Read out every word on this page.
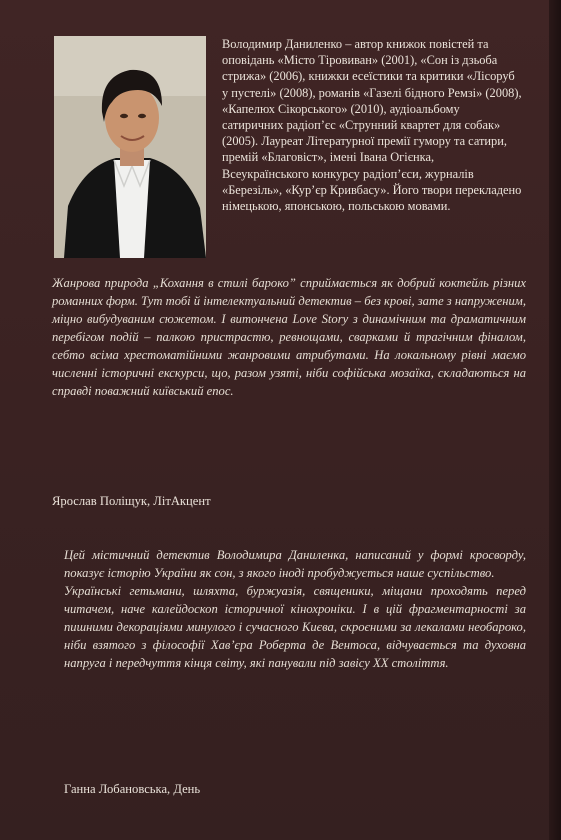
Володимир Даниленко – автор книжок повістей та оповідань «Місто Тіровиван» (2001), «Сон із дзьоба стрижа» (2006), книжки есеїстики та критики «Лісоруб у пустелі» (2008), романів «Газелі бідного Ремзі» (2008), «Капелюх Сікорського» (2010), аудіоальбому сатиричних радіоп’єс «Струнний квартет для собак» (2005). Лауреат Літературної премії гумору та сатири, премій «Благовіст», імені Івана Огієнка, Всеукраїнського конкурсу радіоп’єси, журналів «Березіль», «Кур’єр Кривбасу». Його твори перекладено німецькою, японською, польською мовами.

Жанрова природа „Кохання в стилі бароко” сприймається як добрий коктейль різних романних форм. Тут тобі й інтелектуальний детектив – без крові, зате з напруженим, міцно вибудуваним сюжетом. І витончена Love Story з динамічним та драматичним перебігом подій – палкою пристрастю, ревнощами, сварками й трагічним фіналом, себто всіма хрестоматійними жанровими атрибутами. На локальному рівні маємо численні історичні екскурси, що, разом узяті, ніби софійська мозаїка, складаються на справді поважний київський епос.

Ярослав Поліщук, ЛітАкцент

Цей містичний детектив Володимира Даниленка, написаний у формі кросворду, показує історію України як сон, з якого іноді пробуджується наше суспільство.

Українські гетьмани, шляхта, буржуазія, священики, міщани проходять перед читачем, наче калейдоскоп історичної кінохроніки. І в цій фрагментарності за пишними декораціями минулого і сучасного Києва, скроєними за лекалами необароко, ніби взятого з філософії Хав’єра Роберта де Вентоса, відчувається та духовна напруга і передчуття кінця світу, які панували під завісу ХХ століття.

Ганна Лобановська, День
